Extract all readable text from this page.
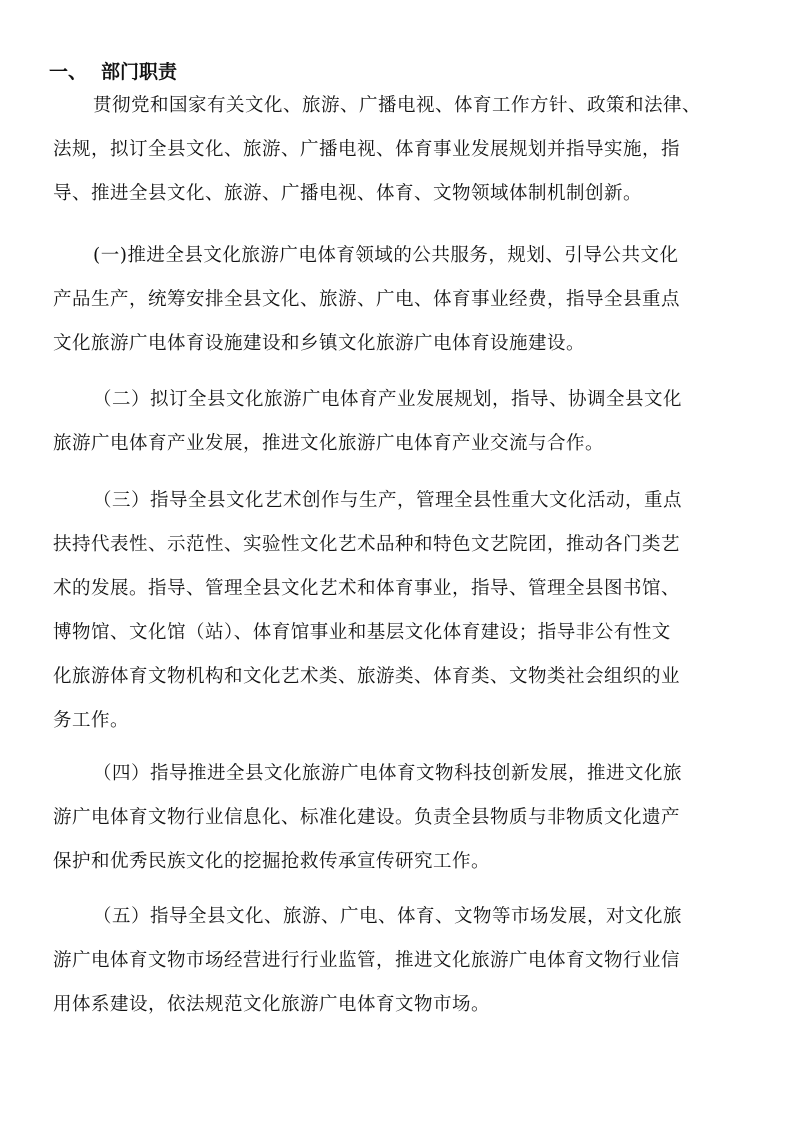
一、 部门职责
贯彻党和国家有关文化、旅游、广播电视、体育工作方针、政策和法律、
法规，拟订全县文化、旅游、广播电视、体育事业发展规划并指导实施，指
导、推进全县文化、旅游、广播电视、体育、文物领域体制机制创新。
(一)推进全县文化旅游广电体育领域的公共服务，规划、引导公共文化
产品生产，统筹安排全县文化、旅游、广电、体育事业经费，指导全县重点
文化旅游广电体育设施建设和乡镇文化旅游广电体育设施建设。
（二）拟订全县文化旅游广电体育产业发展规划，指导、协调全县文化
旅游广电体育产业发展，推进文化旅游广电体育产业交流与合作。
（三）指导全县文化艺术创作与生产，管理全县性重大文化活动，重点
扶持代表性、示范性、实验性文化艺术品种和特色文艺院团，推动各门类艺
术的发展。指导、管理全县文化艺术和体育事业，指导、管理全县图书馆、
博物馆、文化馆（站）、体育馆事业和基层文化体育建设；指导非公有性文
化旅游体育文物机构和文化艺术类、旅游类、体育类、文物类社会组织的业
务工作。
（四）指导推进全县文化旅游广电体育文物科技创新发展，推进文化旅
游广电体育文物行业信息化、标准化建设。负责全县物质与非物质文化遗产
保护和优秀民族文化的挖掘抢救传承宣传研究工作。
（五）指导全县文化、旅游、广电、体育、文物等市场发展，对文化旅
游广电体育文物市场经营进行行业监管，推进文化旅游广电体育文物行业信
用体系建设，依法规范文化旅游广电体育文物市场。
